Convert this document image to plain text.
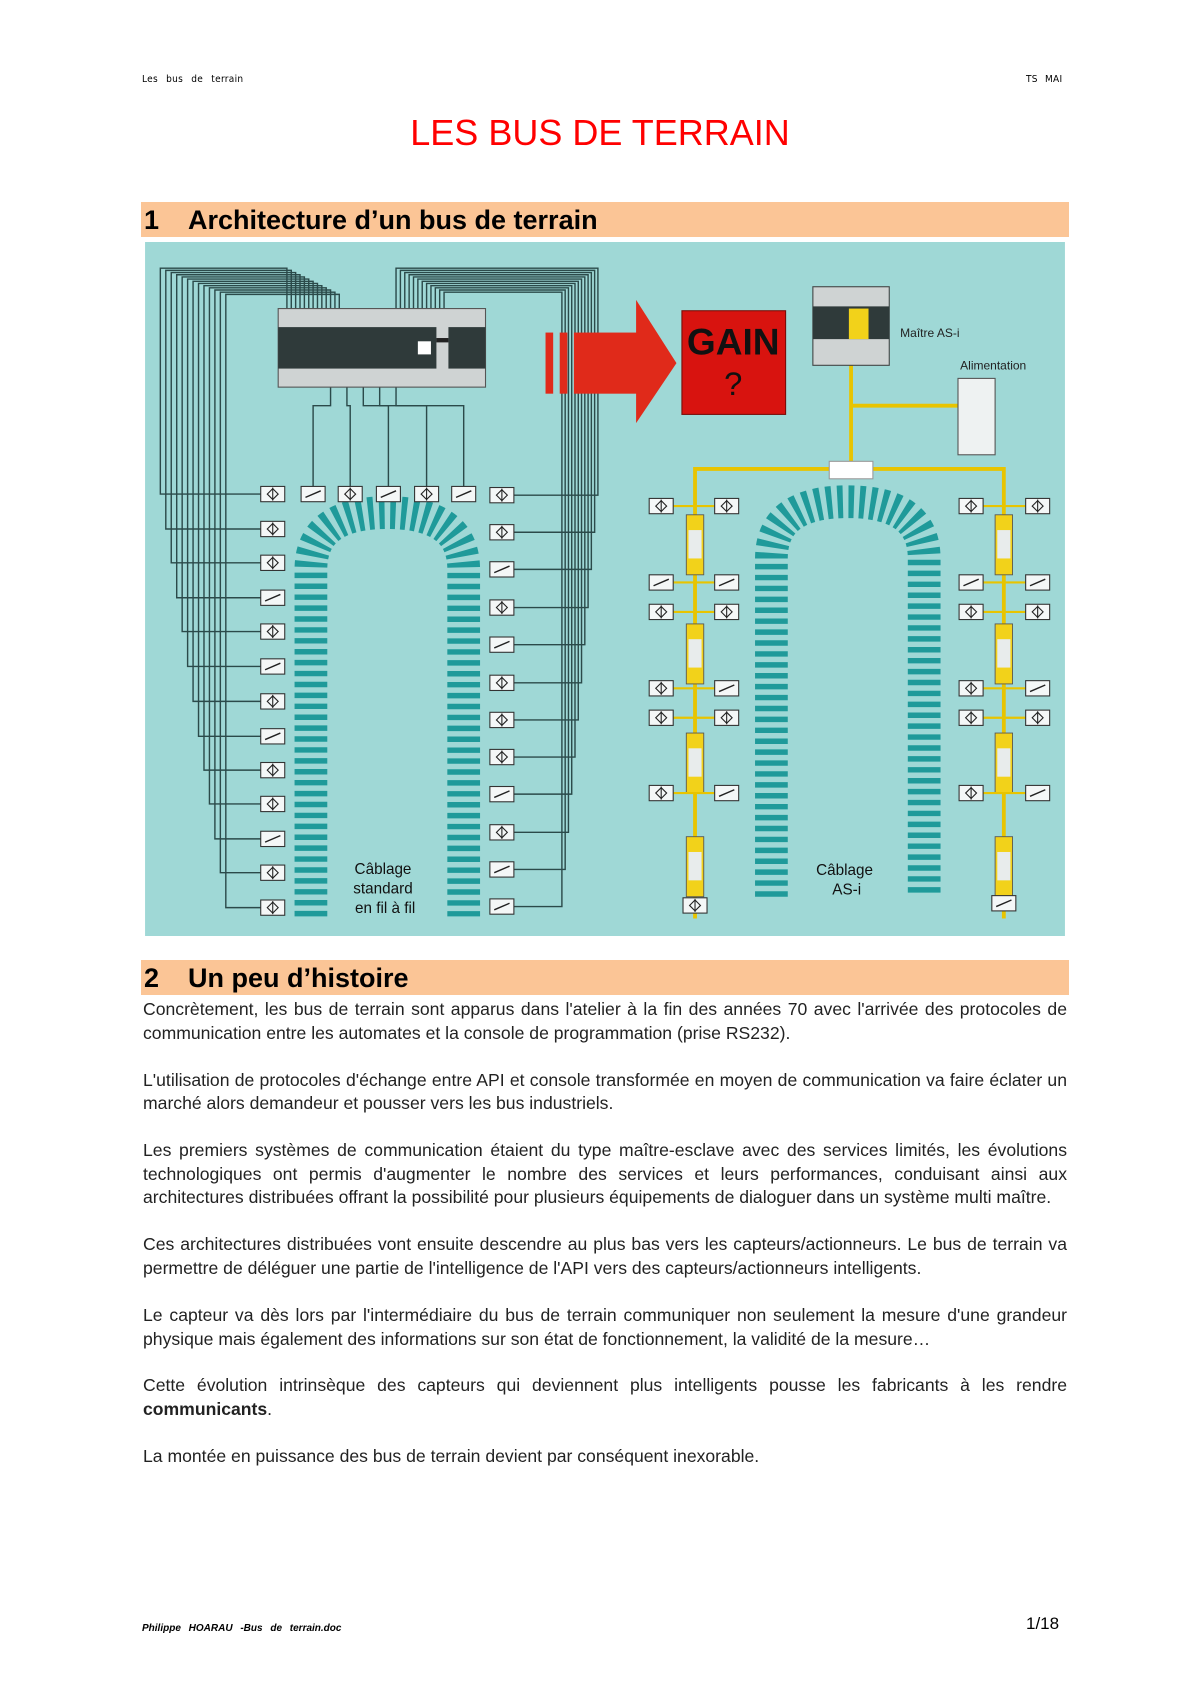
Les bus de terrain	TS MAI
LES BUS DE TERRAIN
1 Architecture d’un bus de terrain
GAIN
?
Maître AS-i
Alimentation
Câblage standard en fil à fil
Câblage AS-i
2 Un peu d’histoire

Concrètement, les bus de terrain sont apparus dans l'atelier à la fin des années 70 avec l'arrivée des protocoles de communication entre les automates et la console de programmation (prise RS232).

L'utilisation de protocoles d'échange entre API et console transformée en moyen de communication va faire éclater un marché alors demandeur et pousser vers les bus industriels.

Les premiers systèmes de communication étaient du type maître-esclave avec des services limités, les évolutions technologiques ont permis d'augmenter le nombre des services et leurs performances, conduisant ainsi aux architectures distribuées offrant la possibilité pour plusieurs équipements de dialoguer dans un système multi maître.

Ces architectures distribuées vont ensuite descendre au plus bas vers les capteurs/actionneurs. Le bus de terrain va permettre de déléguer une partie de l'intelligence de l'API vers des capteurs/actionneurs intelligents.

Le capteur va dès lors par l'intermédiaire du bus de terrain communiquer non seulement la mesure d'une grandeur physique mais également des informations sur son état de fonctionnement, la validité de la mesure…

Cette évolution intrinsèque des capteurs qui deviennent plus intelligents pousse les fabricants à les rendre communicants.

La montée en puissance des bus de terrain devient par conséquent inexorable.

Philippe HOARAU -Bus de terrain.doc	1/18
